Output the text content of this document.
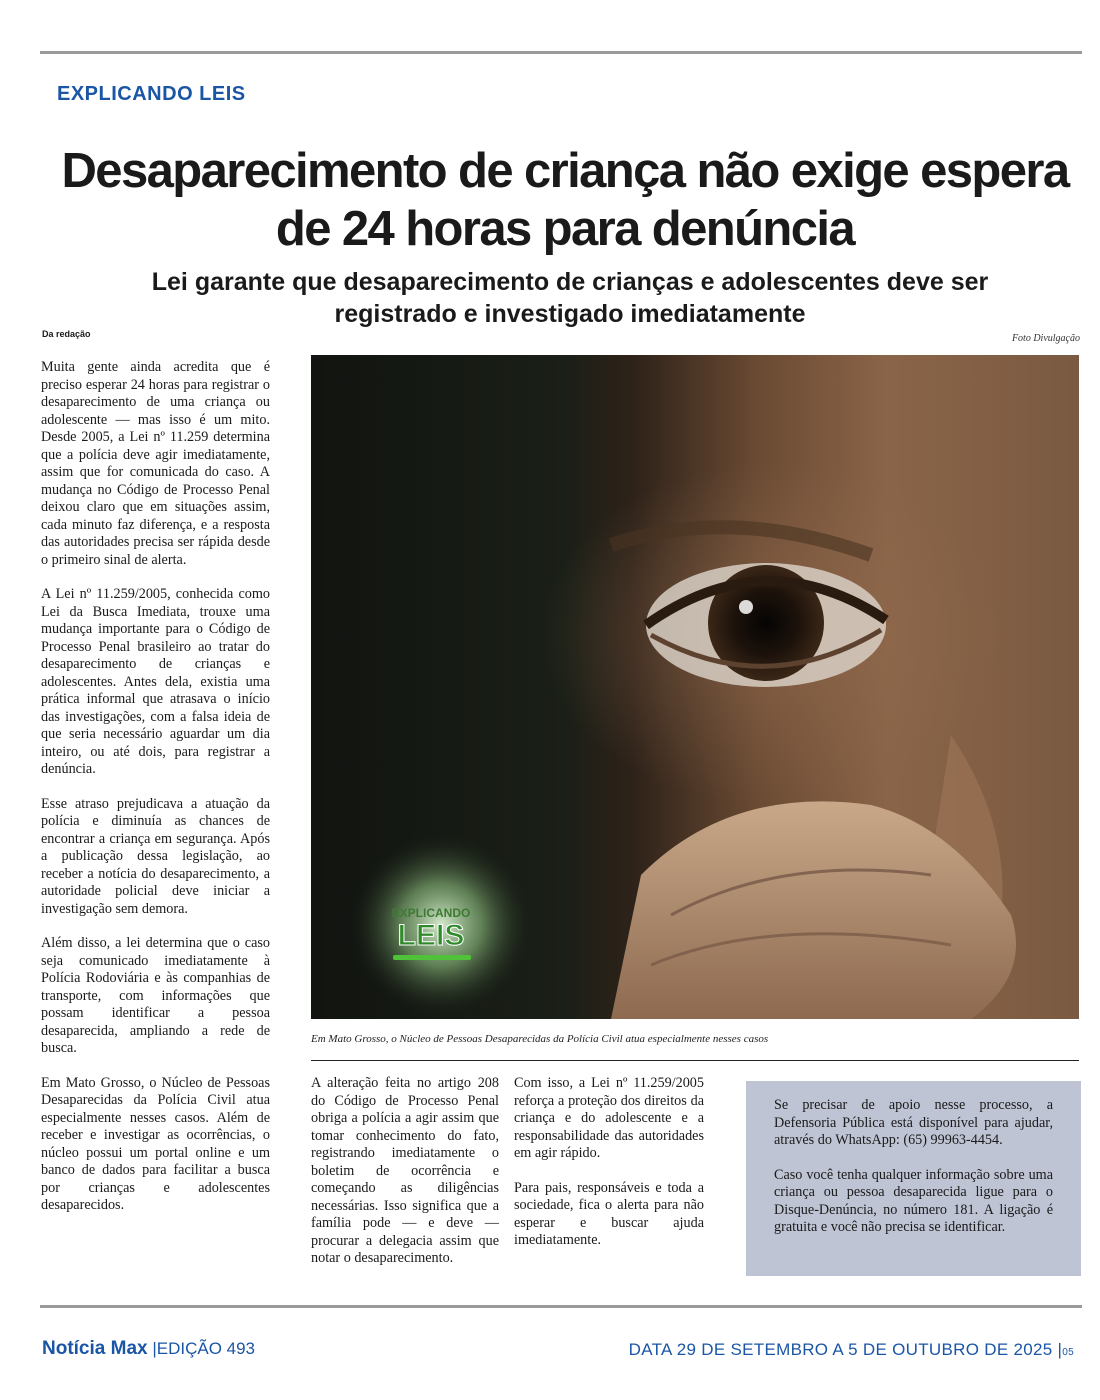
EXPLICANDO LEIS
Desaparecimento de criança não exige espera de 24 horas para denúncia
Lei garante que desaparecimento de crianças e adolescentes deve ser registrado e investigado imediatamente
Da redação	Foto Divulgação

Muita gente ainda acredita que é preciso esperar 24 horas para registrar o desaparecimento de uma criança ou adolescente — mas isso é um mito. Desde 2005, a Lei nº 11.259 determina que a polícia deve agir imediatamente, assim que for comunicada do caso. A mudança no Código de Processo Penal deixou claro que em situações assim, cada minuto faz diferença, e a resposta das autoridades precisa ser rápida desde o primeiro sinal de alerta.

A Lei nº 11.259/2005, conhecida como Lei da Busca Imediata, trouxe uma mudança importante para o Código de Processo Penal brasileiro ao tratar do desaparecimento de crianças e adolescentes. Antes dela, existia uma prática informal que atrasava o início das investigações, com a falsa ideia de que seria necessário aguardar um dia inteiro, ou até dois, para registrar a denúncia.

Esse atraso prejudicava a atuação da polícia e diminuía as chances de encontrar a criança em segurança. Após a publicação dessa legislação, ao receber a notícia do desaparecimento, a autoridade policial deve iniciar a investigação sem demora.

Além disso, a lei determina que o caso seja comunicado imediatamente à Polícia Rodoviária e às companhias de transporte, com informações que possam identificar a pessoa desaparecida, ampliando a rede de busca.

Em Mato Grosso, o Núcleo de Pessoas Desaparecidas da Polícia Civil atua especialmente nesses casos. Além de receber e investigar as ocorrências, o núcleo possui um portal online e um banco de dados para facilitar a busca por crianças e adolescentes desaparecidos.

EXPLICANDO
LEIS
Em Mato Grosso, o Núcleo de Pessoas Desaparecidas da Polícia Civil atua especialmente nesses casos

A alteração feita no artigo 208 do Código de Processo Penal obriga a polícia a agir assim que tomar conhecimento do fato, registrando imediatamente o boletim de ocorrência e começando as diligências necessárias. Isso significa que a família pode — e deve — procurar a delegacia assim que notar o desaparecimento.

Com isso, a Lei nº 11.259/2005 reforça a proteção dos direitos da criança e do adolescente e a responsabilidade das autoridades em agir rápido.

Para pais, responsáveis e toda a sociedade, fica o alerta para não esperar e buscar ajuda imediatamente.

Se precisar de apoio nesse processo, a Defensoria Pública está disponível para ajudar, através do WhatsApp: (65) 99963-4454.

Caso você tenha qualquer informação sobre uma criança ou pessoa desaparecida ligue para o Disque-Denúncia, no número 181. A ligação é gratuita e você não precisa se identificar.

Notícia Max |EDIÇÃO 493	DATA 29 DE SETEMBRO A 5 DE OUTUBRO DE 2025 |05
